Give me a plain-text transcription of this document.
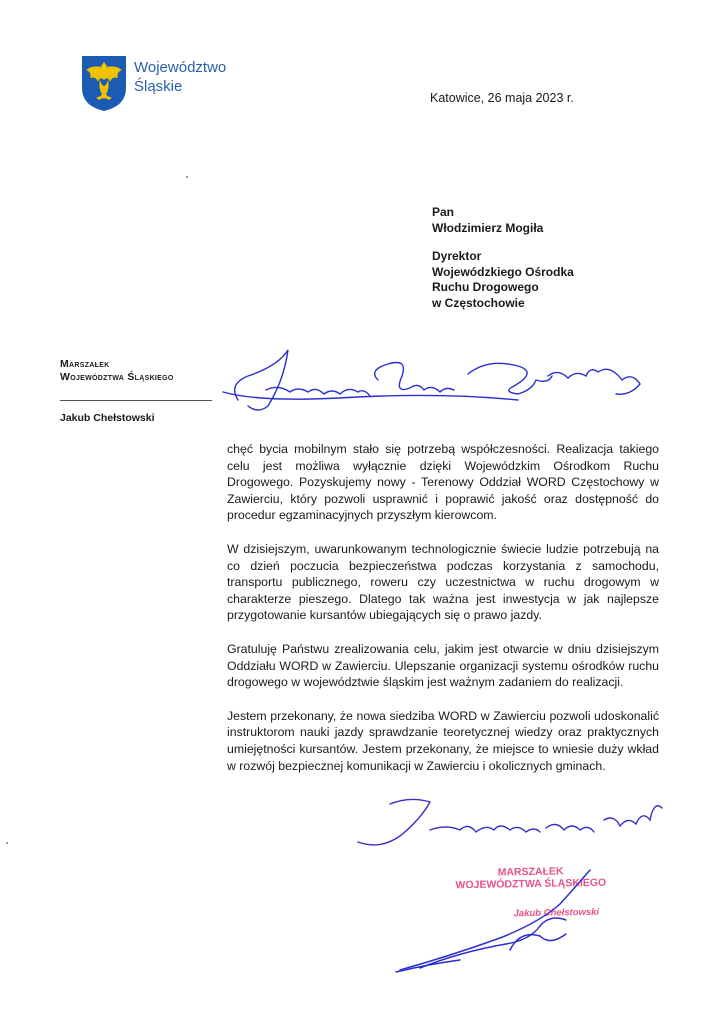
Województwo
Śląskie
Katowice, 26 maja 2023 r.
Pan
Włodzimierz Mogiła
Dyrektor
Wojewódzkiego Ośrodka
Ruchu Drogowego
w Częstochowie
Marszałek
Województwa Śląskiego
Jakub Chełstowski

chęć bycia mobilnym stało się potrzebą współczesności. Realizacja takiego celu jest możliwa wyłącznie dzięki Wojewódzkim Ośrodkom Ruchu Drogowego. Pozyskujemy nowy - Terenowy Oddział WORD Częstochowy w Zawierciu, który pozwoli usprawnić i poprawić jakość oraz dostępność do procedur egzaminacyjnych przyszłym kierowcom.

W dzisiejszym, uwarunkowanym technologicznie świecie ludzie potrzebują na co dzień poczucia bezpieczeństwa podczas korzystania z samochodu, transportu publicznego, roweru czy uczestnictwa w ruchu drogowym w charakterze pieszego. Dlatego tak ważna jest inwestycja w jak najlepsze przygotowanie kursantów ubiegających się o prawo jazdy.

Gratuluję Państwu zrealizowania celu, jakim jest otwarcie w dniu dzisiejszym Oddziału WORD w Zawierciu. Ulepszanie organizacji systemu ośrodków ruchu drogowego w województwie śląskim jest ważnym zadaniem do realizacji.

Jestem przekonany, że nowa siedziba WORD w Zawierciu pozwoli udoskonalić instruktorom nauki jazdy sprawdzanie teoretycznej wiedzy oraz praktycznych umiejętności kursantów. Jestem przekonany, że miejsce to wniesie duży wkład w rozwój bezpiecznej komunikacji w Zawierciu i okolicznych gminach.

MARSZAŁEK
WOJEWÓDZTWA ŚLĄSKIEGO
Jakub Chełstowski
